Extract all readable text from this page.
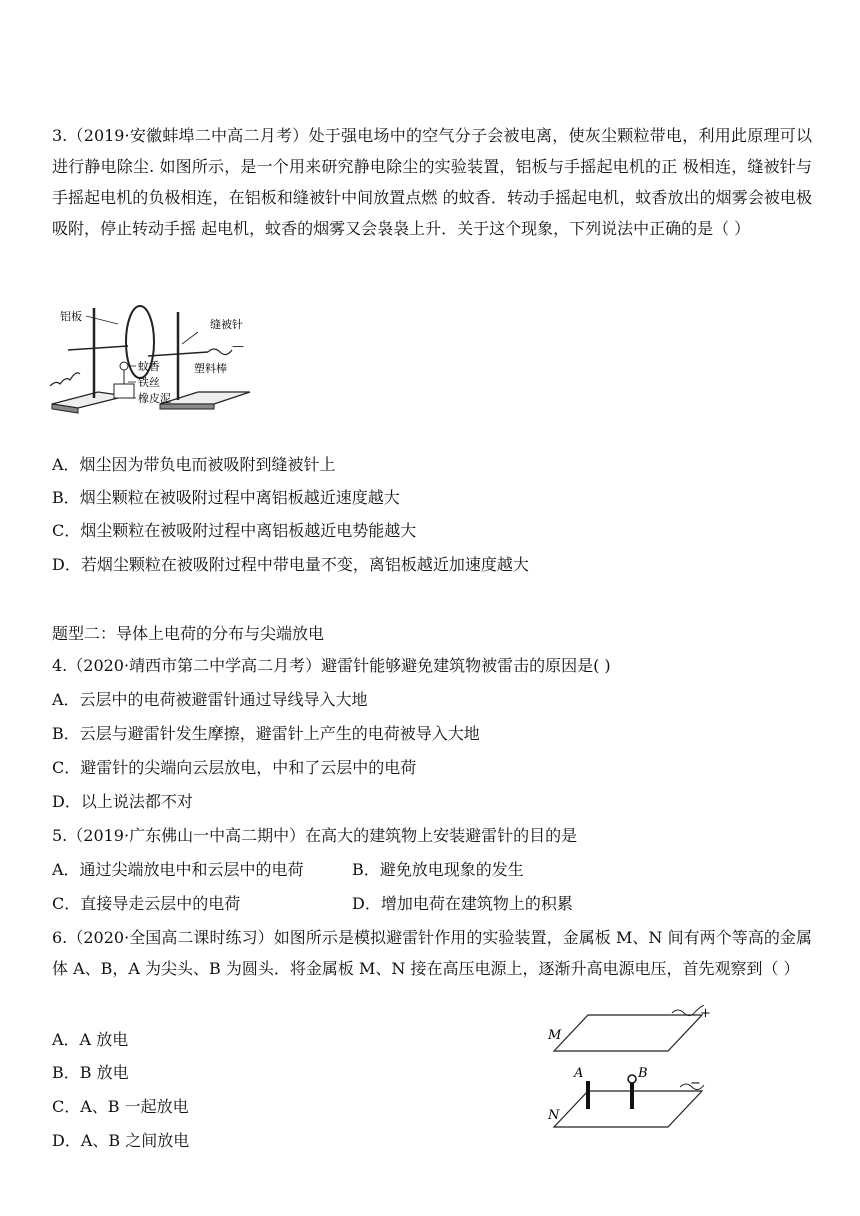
3.（2019·安徽蚌埠二中高二月考）处于强电场中的空气分子会被电离，使灰尘颗粒带电，利用此原理可以进行静电除尘. 如图所示，是一个用来研究静电除尘的实验装置，铝板与手摇起电机的正 极相连，缝被针与手摇起电机的负极相连，在铝板和缝被针中间放置点燃 的蚊香．转动手摇起电机，蚊香放出的烟雾会被电极吸附，停止转动手摇 起电机，蚊香的烟雾又会袅袅上升．关于这个现象，下列说法中正确的是（ ）
铝板
缝被针
—
塑料棒
蚊香
铁丝
橡皮泥
A．烟尘因为带负电而被吸附到缝被针上
B．烟尘颗粒在被吸附过程中离铝板越近速度越大
C．烟尘颗粒在被吸附过程中离铝板越近电势能越大
D．若烟尘颗粒在被吸附过程中带电量不变，离铝板越近加速度越大
题型二：导体上电荷的分布与尖端放电
4.（2020·靖西市第二中学高二月考）避雷针能够避免建筑物被雷击的原因是( )
A．云层中的电荷被避雷针通过导线导入大地
B．云层与避雷针发生摩擦，避雷针上产生的电荷被导入大地
C．避雷针的尖端向云层放电，中和了云层中的电荷
D．以上说法都不对
5.（2019·广东佛山一中高二期中）在高大的建筑物上安装避雷针的目的是
A．通过尖端放电中和云层中的电荷	B．避免放电现象的发生
C．直接导走云层中的电荷	D．增加电荷在建筑物上的积累
6.（2020·全国高二课时练习）如图所示是模拟避雷针作用的实验装置，金属板 M、N 间有两个等高的金属体 A、B，A 为尖头、B 为圆头．将金属板 M、N 接在高压电源上，逐渐升高电源电压，首先观察到（ ）
A．A 放电
B．B 放电
C．A、B 一起放电
D．A、B 之间放电
M
+
N
−
A	B
